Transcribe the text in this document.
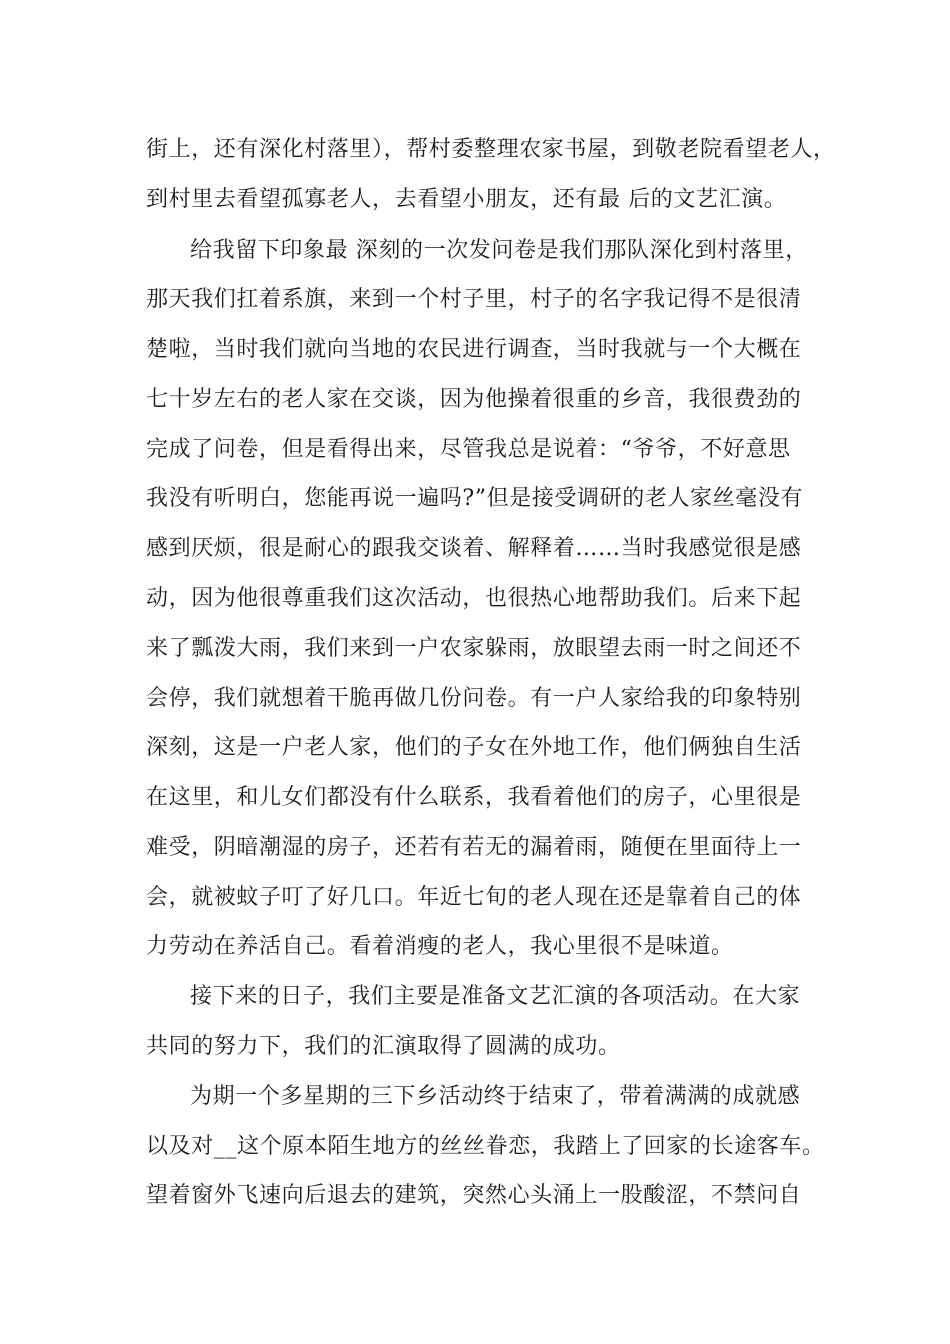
街上，还有深化村落里），帮村委整理农家书屋，到敬老院看望老人，
到村里去看望孤寡老人，去看望小朋友，还有最 后的文艺汇演。
给我留下印象最 深刻的一次发问卷是我们那队深化到村落里，
那天我们扛着系旗，来到一个村子里，村子的名字我记得不是很清
楚啦，当时我们就向当地的农民进行调查，当时我就与一个大概在
七十岁左右的老人家在交谈，因为他操着很重的乡音，我很费劲的
完成了问卷，但是看得出来，尽管我总是说着：“爷爷，不好意思
我没有听明白，您能再说一遍吗?”但是接受调研的老人家丝毫没有
感到厌烦，很是耐心的跟我交谈着、解释着……当时我感觉很是感
动，因为他很尊重我们这次活动，也很热心地帮助我们。后来下起
来了瓢泼大雨，我们来到一户农家躲雨，放眼望去雨一时之间还不
会停，我们就想着干脆再做几份问卷。有一户人家给我的印象特别
深刻，这是一户老人家，他们的子女在外地工作，他们俩独自生活
在这里，和儿女们都没有什么联系，我看着他们的房子，心里很是
难受，阴暗潮湿的房子，还若有若无的漏着雨，随便在里面待上一
会，就被蚊子叮了好几口。年近七旬的老人现在还是靠着自己的体
力劳动在养活自己。看着消瘦的老人，我心里很不是味道。
接下来的日子，我们主要是准备文艺汇演的各项活动。在大家
共同的努力下，我们的汇演取得了圆满的成功。
为期一个多星期的三下乡活动终于结束了，带着满满的成就感
以及对__这个原本陌生地方的丝丝眷恋，我踏上了回家的长途客车。
望着窗外飞速向后退去的建筑，突然心头涌上一股酸涩，不禁问自
